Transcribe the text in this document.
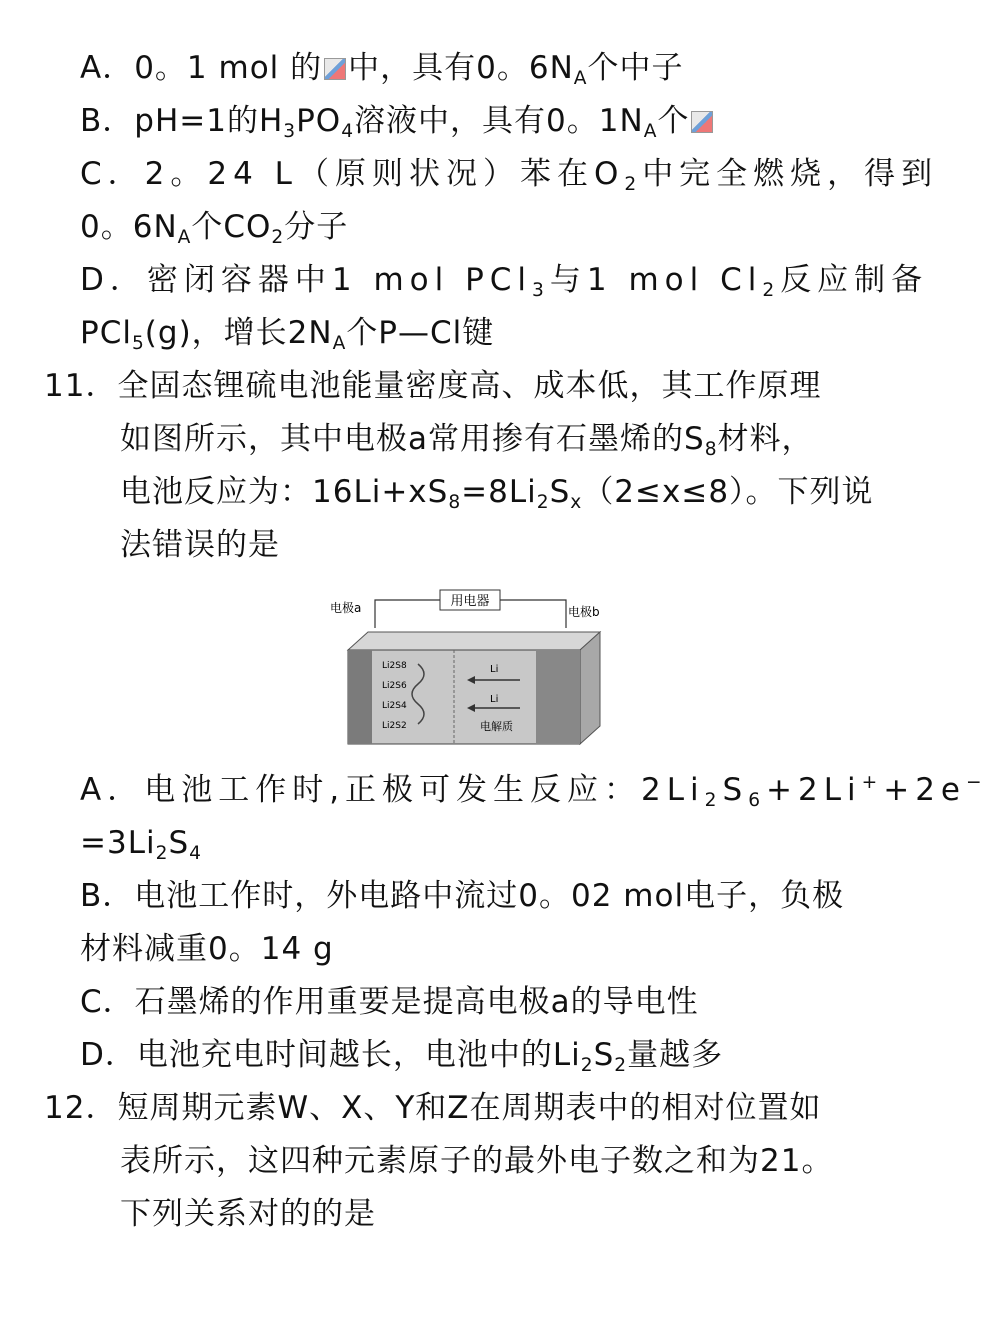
A．0。1 mol 的 中，具有0。$6N_A$个中子
B．pH=1的$H_3PO_4$溶液中，具有0。$1N_A$个
C．2。24 L（原则状况）苯在$O_2$中完全燃烧，得到
0。$6N_A$个$CO_2$分子
D．密闭容器中1 mol PCl$_3$与1 mol $Cl_2$反应制备
PCl$_5$(g)，增长$2N_A$个P—Cl键
11．全固态锂硫电池能量密度高、成本低，其工作原理
如图所示，其中电极a常用掺有石墨烯的$S_8$材料，
电池反应为：$16Li+xS_8=8Li_2S_x(2\le x\le 8)$。下列说
法错误的是
用电器
电极a	电极b
Li2S8
Li2S6
Li2S4
Li2S2
Li
Li
电解质
A．电池工作时,正极可发生反应：$2Li_2S_6+2Li^++2e^-$
$=3Li_2S_4$
B．电池工作时，外电路中流过0。02 mol电子，负极
材料减重0。14 g
C．石墨烯的作用重要是提高电极a的导电性
D．电池充电时间越长，电池中的$Li_2S_2$量越多
12．短周期元素W、X、Y和Z在周期表中的相对位置如
表所示，这四种元素原子的最外电子数之和为21。
下列关系对的的是
